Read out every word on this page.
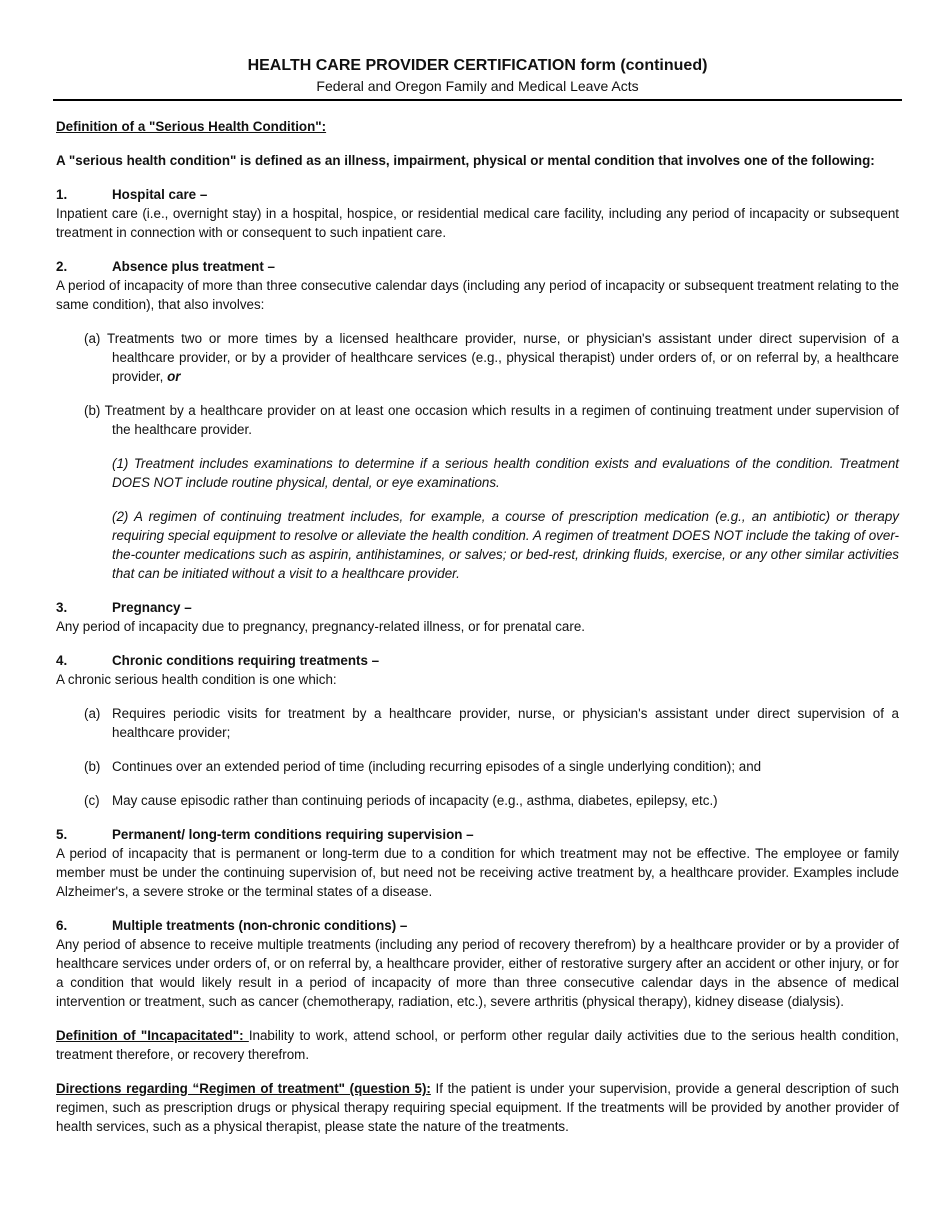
HEALTH CARE PROVIDER CERTIFICATION form (continued)
Federal and Oregon Family and Medical Leave Acts

Definition of a "Serious Health Condition":

A "serious health condition" is defined as an illness, impairment, physical or mental condition that involves one of the following:

1.	Hospital care –

Inpatient care (i.e., overnight stay) in a hospital, hospice, or residential medical care facility, including any period of incapacity or subsequent treatment in connection with or consequent to such inpatient care.

2.	Absence plus treatment –

A period of incapacity of more than three consecutive calendar days (including any period of incapacity or subsequent treatment relating to the same condition), that also involves:

(a) Treatments two or more times by a licensed healthcare provider, nurse, or physician's assistant under direct supervision of a healthcare provider, or by a provider of healthcare services (e.g., physical therapist) under orders of, or on referral by, a healthcare provider, or

(b) Treatment by a healthcare provider on at least one occasion which results in a regimen of continuing treatment under supervision of the healthcare provider.

(1) Treatment includes examinations to determine if a serious health condition exists and evaluations of the condition. Treatment DOES NOT include routine physical, dental, or eye examinations.

(2) A regimen of continuing treatment includes, for example, a course of prescription medication (e.g., an antibiotic) or therapy requiring special equipment to resolve or alleviate the health condition. A regimen of treatment DOES NOT include the taking of over-the-counter medications such as aspirin, antihistamines, or salves; or bed-rest, drinking fluids, exercise, or any other similar activities that can be initiated without a visit to a healthcare provider.

3.	Pregnancy –

Any period of incapacity due to pregnancy, pregnancy-related illness, or for prenatal care.

4.	Chronic conditions requiring treatments –

A chronic serious health condition is one which:

(a) Requires periodic visits for treatment by a healthcare provider, nurse, or physician's assistant under direct supervision of a healthcare provider;
(b) Continues over an extended period of time (including recurring episodes of a single underlying condition); and
(c) May cause episodic rather than continuing periods of incapacity (e.g., asthma, diabetes, epilepsy, etc.)
5.	Permanent/ long-term conditions requiring supervision –

A period of incapacity that is permanent or long-term due to a condition for which treatment may not be effective. The employee or family member must be under the continuing supervision of, but need not be receiving active treatment by, a healthcare provider. Examples include Alzheimer's, a severe stroke or the terminal states of a disease.

6.	Multiple treatments (non-chronic conditions) –

Any period of absence to receive multiple treatments (including any period of recovery therefrom) by a healthcare provider or by a provider of healthcare services under orders of, or on referral by, a healthcare provider, either of restorative surgery after an accident or other injury, or for a condition that would likely result in a period of incapacity of more than three consecutive calendar days in the absence of medical intervention or treatment, such as cancer (chemotherapy, radiation, etc.), severe arthritis (physical therapy), kidney disease (dialysis).

Definition of "Incapacitated": Inability to work, attend school, or perform other regular daily activities due to the serious health condition, treatment therefore, or recovery therefrom.

Directions regarding “Regimen of treatment" (question 5): If the patient is under your supervision, provide a general description of such regimen, such as prescription drugs or physical therapy requiring special equipment. If the treatments will be provided by another provider of health services, such as a physical therapist, please state the nature of the treatments.
